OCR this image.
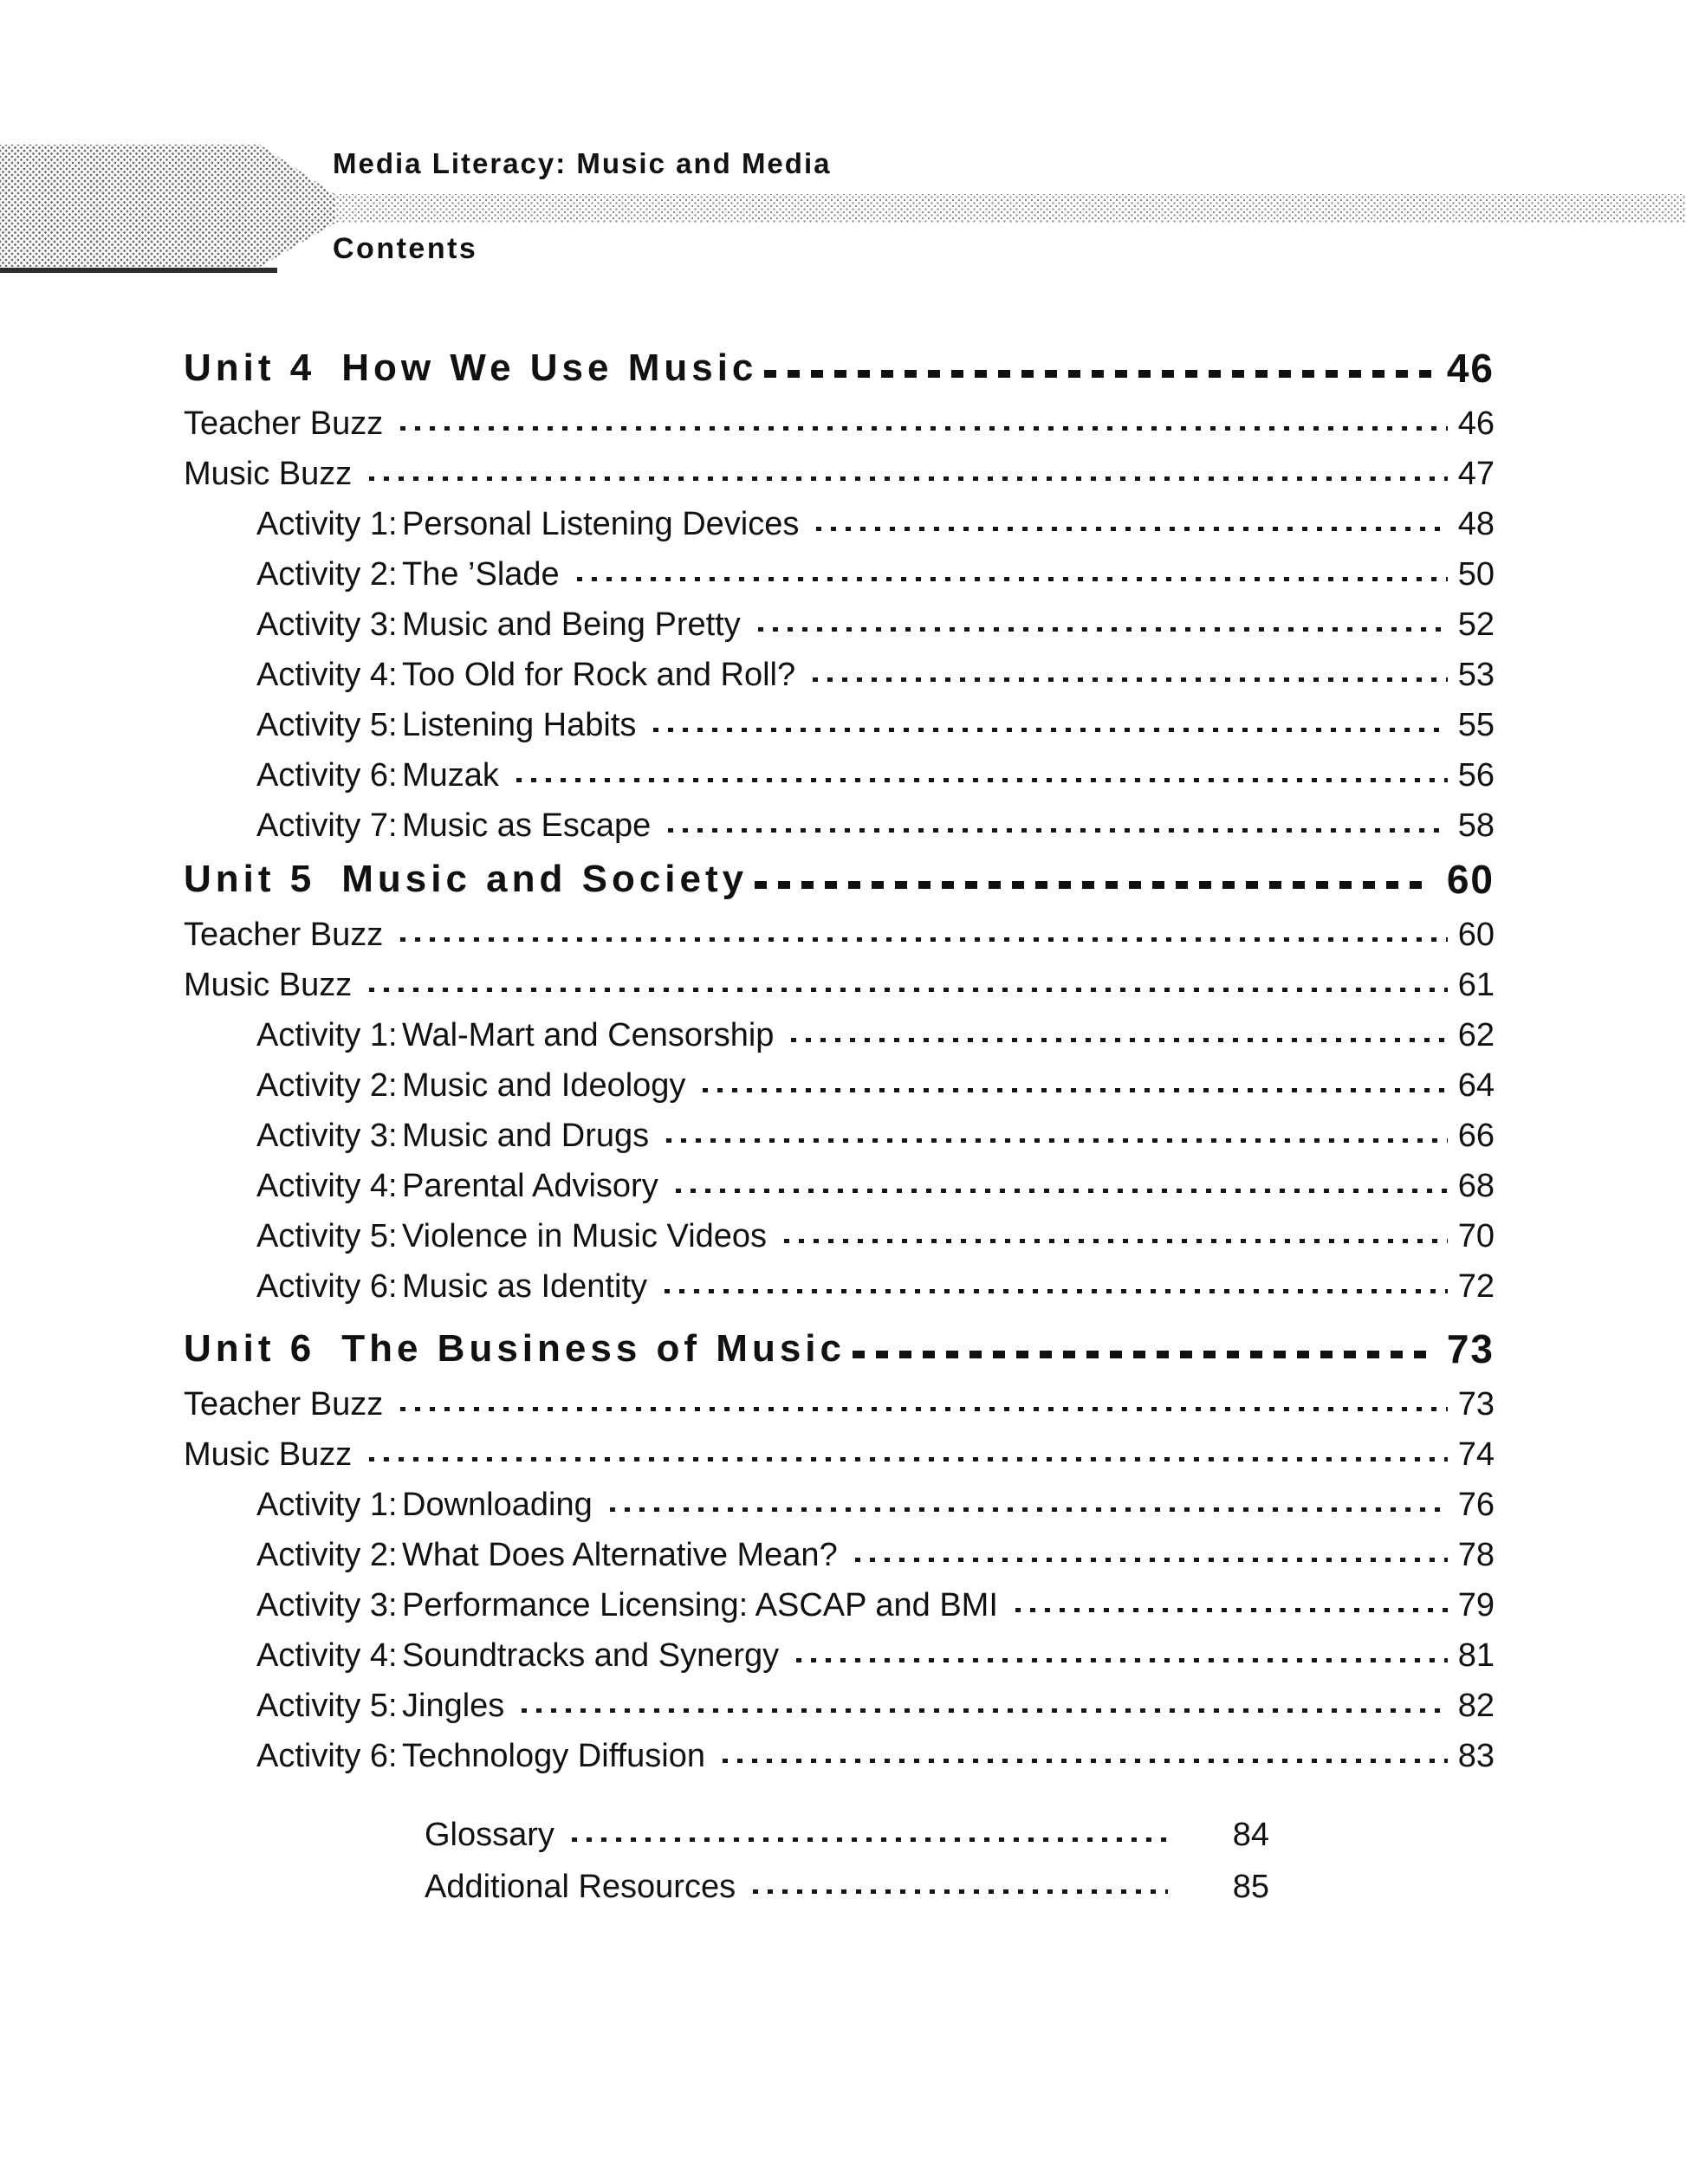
Media Literacy: Music and Media
Contents
Unit 4 How We Use Music	46
Teacher Buzz	46
Music Buzz	47
Activity 1: Personal Listening Devices	48
Activity 2: The ’Slade	50
Activity 3: Music and Being Pretty	52
Activity 4: Too Old for Rock and Roll?	53
Activity 5: Listening Habits	55
Activity 6: Muzak	56
Activity 7: Music as Escape	58
Unit 5 Music and Society	60
Teacher Buzz	60
Music Buzz	61
Activity 1: Wal-Mart and Censorship	62
Activity 2: Music and Ideology	64
Activity 3: Music and Drugs	66
Activity 4: Parental Advisory	68
Activity 5: Violence in Music Videos	70
Activity 6: Music as Identity	72
Unit 6 The Business of Music	73
Teacher Buzz	73
Music Buzz	74
Activity 1: Downloading	76
Activity 2: What Does Alternative Mean?	78
Activity 3: Performance Licensing: ASCAP and BMI	79
Activity 4: Soundtracks and Synergy	81
Activity 5: Jingles	82
Activity 6: Technology Diffusion	83
Glossary	84
Additional Resources	85
